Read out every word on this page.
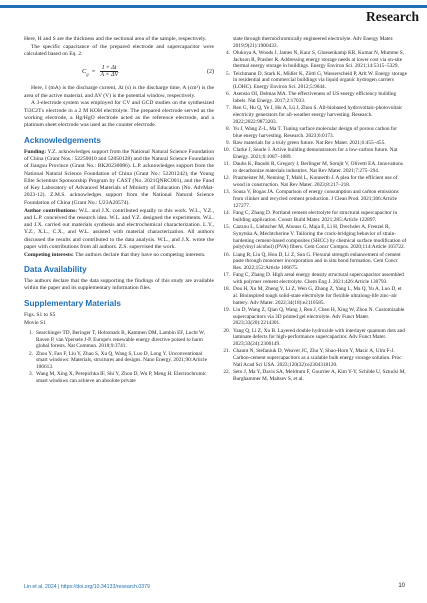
Research

Here, H and S are the thickness and the sectional area of the sample, respectively.

The specific capacitance of the prepared electrode and supercapacitor were calculated based on Eq. 2.

$C_g = \frac{I \times \Delta t}{A \times \Delta V}$	(2)

Here, I (mA) is the discharge current, Δt (s) is the discharge time, A (cm²) is the area of the active material, and ΔV (V) is the potential window, respectively.

A 3-electrode system was employed for CV and GCD studies on the synthesized Ti3C2Tx electrode in a 2 M KOH electrolyte. The prepared electrode served as the working electrode, a Hg/HgO electrode acted as the reference electrode, and a platinum sheet electrode was used as the counter electrode.

Acknowledgements

Funding: Y.Z. acknowledges support from the National Natural Science Foundation of China (Grant Nos.: 52250010 and 52050128) and the Natural Science Foundation of Jiangsu Province (Grant No.: BK20230086). L.P. acknowledges support from the National Natural Science Foundation of China (Grant No.: 52201242), the Young Elite Scientists Sponsorship Program by CAST (No. 2021QNRC001), and the Fund of Key Laboratory of Advanced Materials of Ministry of Education (No. AdvMat-2023-12). Z.M.S. acknowledges support from the National Natural Science Foundation of China (Grant No.: U23A20574).

Author contributions: W.L. and J.X. contributed equally to this work. W.L., Y.Z., and L.P. conceived the research idea. W.L. and Y.Z. designed the experiments. W.L. and J.X. carried out materials synthesis and electrochemical characterization. L.Y., Y.Z., X.L., C.X., and W.L. assisted with material characterization. All authors discussed the results and contributed to the data analysis. W.L., and J.X. wrote the paper with contributions from all authors. Z.S. supervised the work.

Competing interests: The authors declare that they have no competing interests.

Data Availability

The authors declare that the data supporting the findings of this study are available within the paper and its supplementary information files.

Supplementary Materials

Figs. S1 to S5

Movie S1

1. Searchinger TD, Beringer T, Holtsmark B, Kammen DM, Lambin EF, Lucht W, Raven P, van Ypersele J-P. Europe's renewable energy directive poised to harm global forests. Nat Commun. 2018;9:3741.
2. Zhou Y, Fan F, Liu Y, Zhao S, Xu Q, Wang S, Luo D, Long Y. Unconventional smart windows: Materials, structures and designs. Nano Energy. 2021;90:Article 106613.
3. Wang M, Xing X, Perepichka IF, Shi Y, Zhou D, Wu P, Meng H. Electrochromic smart windows can achieve an absolute private
state through thermochromically engineered electrolyte. Adv Energy Mater. 2019;9(21):1900433.
4. Olukoya A, Woods J, James N, Kaur S, Gluesenkamp KR, Kumar N, Mumme S, Jackson R, Prasher R. Addressing energy storage needs at lower cost via on-site thermal energy storage in buildings. Energy Environ Sci. 2021;14:5315–5329.
5. Teichmann D, Stark K, Müller K, Zöttl G, Wasserscheid P, Arlt W. Energy storage in residential and commercial buildings via liquid organic hydrogen carriers (LOHC). Energy Environ Sci. 2012;5:9044.
6. Asensio OI, Delmas MA. The effectiveness of US energy efficiency building labels. Nat Energy. 2017;2:17033.
7. Ren G, Hu Q, Ye J, Hu A, Lü J, Zhou S. All-biobased hydrovoltaic-photovoltaic electricity generators for all-weather energy harvesting. Research. 2022;2022:9873203.
8. Yu J, Wang Z-L, Ma T. Tuning surface molecular design of porous carbon for blue energy harvesting. Research. 2023;6:0173.
9. Raw materials for a truly green future. Nat Rev Mater. 2021;6:455–455.
10. Clarke J, Searle J. Active building demonstrators for a low-carbon future. Nat Energy. 2021;6:1087–1089.
11. Dauhs K, Baoubi R, Gregory J, Berlinger M, Somjit V, Olivetti EA. Innovations to decarbonize materials industries. Nat Rev Mater. 2021;7:275–294.
12. Prasmeister M, Nenning T, Mahl L, Konnerth J. A plea for the efficient use of wood in construction. Nat Rev Mater. 2023;8:217–218.
13. Sousa V, Bogas JA. Comparison of energy consumption and carbon emissions from clinker and recycled cement production. J Clean Prod. 2021;306:Article 127277.
14. Fang C, Zhang D. Portland cement electrolyte for structural supercapacitor in building application. Constr Build Mater. 2021;285:Article 122897.
15. Cazzou L, Liebscher M, Ahouss G, Maja E, Li H, Drechsler A, Frenzel R, Synytska A, Mechtcherine V. Tailoring the crack-bridging behavior of strain-hardening cement-based composites (SHCC) by chemical surface modification of poly(vinyl alcohol) (PVA) fibers. Cem Concr Compos. 2020;114:Article 103722.
16. Liang R, Liu Q, Hou D, Li Z, Sun G. Flexural strength enhancement of cement paste through monomer incorporation and in situ bond formation. Cem Concr Res. 2022;152:Article 106675.
17. Fang C, Zhang D. High areal energy density structural supercapacitor assembled with polymer cement electrolyte. Chem Eng J. 2021;426:Article 130793.
18. Dou H, Xu M, Zheng Y, Li Z, Wen G, Zhang Z, Yang L, Ma Q, Yu A, Luo D, et al. Bioinspired tough solid-state electrolyte for flexible ultralong-life zinc–air battery. Adv Mater. 2022;34(18):e2110585.
19. Liu D, Wang Z, Qian Q, Wang J, Ren J, Chen H, Xing W, Zhou N. Customizable supercapacitors via 3D printed gel electrolyte. Adv Funct Mater. 2023;33(20):2214301.
20. Yang Q, Li Z, Xu B. Layered double hydroxide with interlayer quantum dots and laminate defects for high-performance supercapacitor. Adv Funct Mater. 2023;33(24):2300149.
21. Chaunt N, Stefaniuk D, Weaver JC, Zhu Y, Shao-Horn Y, Masic A, Ulm F-J. Carbon-cement supercapacitors as a scalable bulk energy storage solution. Proc Natl Acad Sci USA. 2023;120(32):e2304318120.
22. Seto J, Ma Y, Davis SA, Meldrum F, Gourrier A, Kim Y-Y, Schilde U, Sztucki M, Burghammer M, Maltsev S, et al.
Lin et al. 2024 | https://doi.org/10.34133/research.0379	10
